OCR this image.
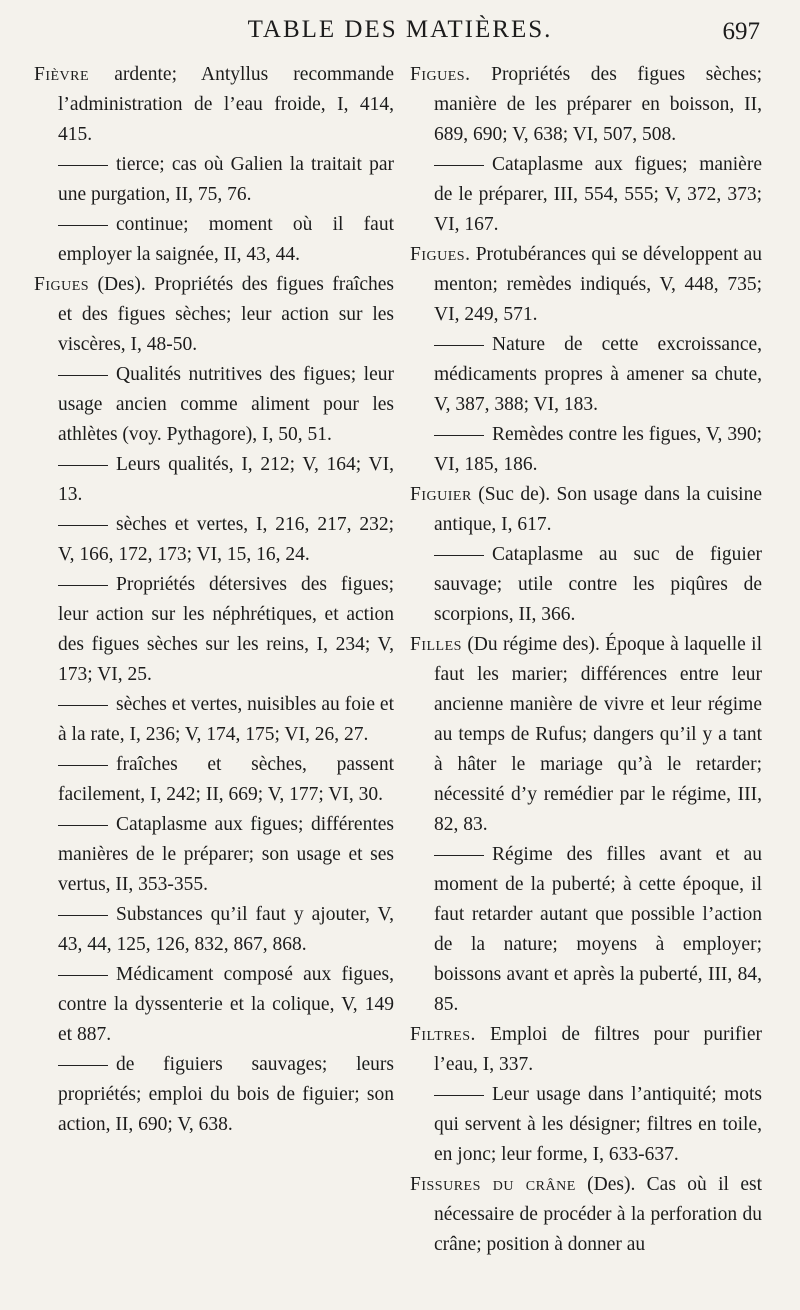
TABLE DES MATIÈRES.	697

Fièvre ardente; Antyllus recommande l’administration de l’eau froide, I, 414, 415.

tierce; cas où Galien la traitait par une purgation, II, 75, 76.

continue; moment où il faut employer la saignée, II, 43, 44.

Figues (Des). Propriétés des figues fraîches et des figues sèches; leur action sur les viscères, I, 48-50.

Qualités nutritives des figues; leur usage ancien comme aliment pour les athlètes (voy. Pythagore), I, 50, 51.

Leurs qualités, I, 212; V, 164; VI, 13.

sèches et vertes, I, 216, 217, 232; V, 166, 172, 173; VI, 15, 16, 24.

Propriétés détersives des figues; leur action sur les néphrétiques, et action des figues sèches sur les reins, I, 234; V, 173; VI, 25.

sèches et vertes, nuisibles au foie et à la rate, I, 236; V, 174, 175; VI, 26, 27.

fraîches et sèches, passent facilement, I, 242; II, 669; V, 177; VI, 30.

Cataplasme aux figues; différentes manières de le préparer; son usage et ses vertus, II, 353-355.

Substances qu’il faut y ajouter, V, 43, 44, 125, 126, 832, 867, 868.

Médicament composé aux figues, contre la dyssenterie et la colique, V, 149 et 887.

de figuiers sauvages; leurs propriétés; emploi du bois de figuier; son action, II, 690; V, 638.

Figues. Propriétés des figues sèches; manière de les préparer en boisson, II, 689, 690; V, 638; VI, 507, 508.

Cataplasme aux figues; manière de le préparer, III, 554, 555; V, 372, 373; VI, 167.

Figues. Protubérances qui se développent au menton; remèdes indiqués, V, 448, 735; VI, 249, 571.

Nature de cette excroissance, médicaments propres à amener sa chute, V, 387, 388; VI, 183.

Remèdes contre les figues, V, 390; VI, 185, 186.

Figuier (Suc de). Son usage dans la cuisine antique, I, 617.

Cataplasme au suc de figuier sauvage; utile contre les piqûres de scorpions, II, 366.

Filles (Du régime des). Époque à laquelle il faut les marier; différences entre leur ancienne manière de vivre et leur régime au temps de Rufus; dangers qu’il y a tant à hâter le mariage qu’à le retarder; nécessité d’y remédier par le régime, III, 82, 83.

Régime des filles avant et au moment de la puberté; à cette époque, il faut retarder autant que possible l’action de la nature; moyens à employer; boissons avant et après la puberté, III, 84, 85.

Filtres. Emploi de filtres pour purifier l’eau, I, 337.

Leur usage dans l’antiquité; mots qui servent à les désigner; filtres en toile, en jonc; leur forme, I, 633-637.

Fissures du crâne (Des). Cas où il est nécessaire de procéder à la perforation du crâne; position à donner au
